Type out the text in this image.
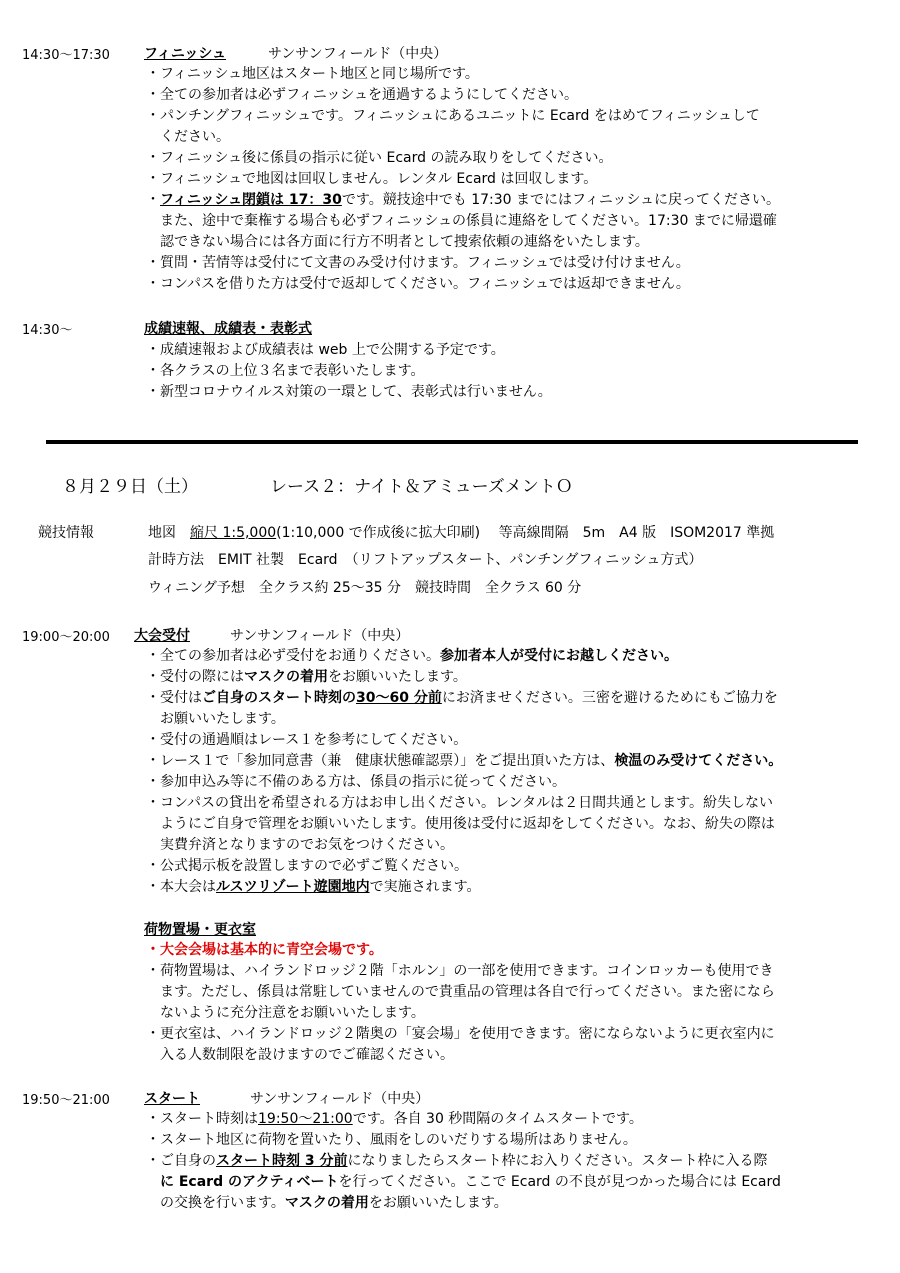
14:30～17:30 フィニッシュ	サンサンフィールド（中央）
・フィニッシュ地区はスタート地区と同じ場所です。
・全ての参加者は必ずフィニッシュを通過するようにしてください。
・パンチングフィニッシュです。フィニッシュにあるユニットに Ecard をはめてフィニッシュして
ください。
・フィニッシュ後に係員の指示に従い Ecard の読み取りをしてください。
・フィニッシュで地図は回収しません。レンタル Ecard は回収します。
・フィニッシュ閉鎖は 17：30です。競技途中でも 17:30 までにはフィニッシュに戻ってください。
また、途中で棄権する場合も必ずフィニッシュの係員に連絡をしてください。17:30 までに帰還確
認できない場合には各方面に行方不明者として捜索依頼の連絡をいたします。
・質問・苦情等は受付にて文書のみ受け付けます。フィニッシュでは受け付けません。
・コンパスを借りた方は受付で返却してください。フィニッシュでは返却できません。
14:30～	成績速報、成績表・表彰式
・成績速報および成績表は web 上で公開する予定です。
・各クラスの上位３名まで表彰いたします。
・新型コロナウイルス対策の一環として、表彰式は行いません。
８月２９日（土）	レース２：ナイト＆アミューズメントＯ
競技情報	地図　 縮尺 1:5,000(1:10,000 で作成後に拡大印刷)　 等高線間隔　5m　A4 版　ISOM2017 準拠
計時方法　EMIT 社製　Ecard　（リフトアップスタート、パンチングフィニッシュ方式）
ウィニング予想　全クラス約 25～35 分　競技時間　全クラス 60 分
19:00～20:00 大会受付	サンサンフィールド（中央）
・全ての参加者は必ず受付をお通りください。参加者本人が受付にお越しください。
・受付の際にはマスクの着用をお願いいたします。
・受付はご自身のスタート時刻の30～60 分前にお済ませください。三密を避けるためにもご協力を
お願いいたします。
・受付の通過順はレース１を参考にしてください。
・レース１で「参加同意書（兼　健康状態確認票）」をご提出頂いた方は、検温のみ受けてください。
・参加申込み等に不備のある方は、係員の指示に従ってください。
・コンパスの貸出を希望される方はお申し出ください。レンタルは２日間共通とします。紛失しない
ようにご自身で管理をお願いいたします。使用後は受付に返却をしてください。なお、紛失の際は
実費弁済となりますのでお気をつけください。
・公式掲示板を設置しますので必ずご覧ください。
・本大会はルスツリゾート遊園地内で実施されます。
荷物置場・更衣室
・大会会場は基本的に青空会場です。
・荷物置場は、ハイランドロッジ２階「ホルン」の一部を使用できます。コインロッカーも使用でき
ます。ただし、係員は常駐していませんので貴重品の管理は各自で行ってください。また密になら
ないように充分注意をお願いいたします。
・更衣室は、ハイランドロッジ２階奥の「宴会場」を使用できます。密にならないように更衣室内に
入る人数制限を設けますのでご確認ください。
19:50～21:00 スタート	サンサンフィールド（中央）
・スタート時刻は19:50～21:00です。各自 30 秒間隔のタイムスタートです。
・スタート地区に荷物を置いたり、風雨をしのいだりする場所はありません。
・ご自身のスタート時刻 3 分前になりましたらスタート枠にお入りください。スタート枠に入る際
に Ecard のアクティベートを行ってください。ここで Ecard の不良が見つかった場合には Ecard
の交換を行います。マスクの着用をお願いいたします。
